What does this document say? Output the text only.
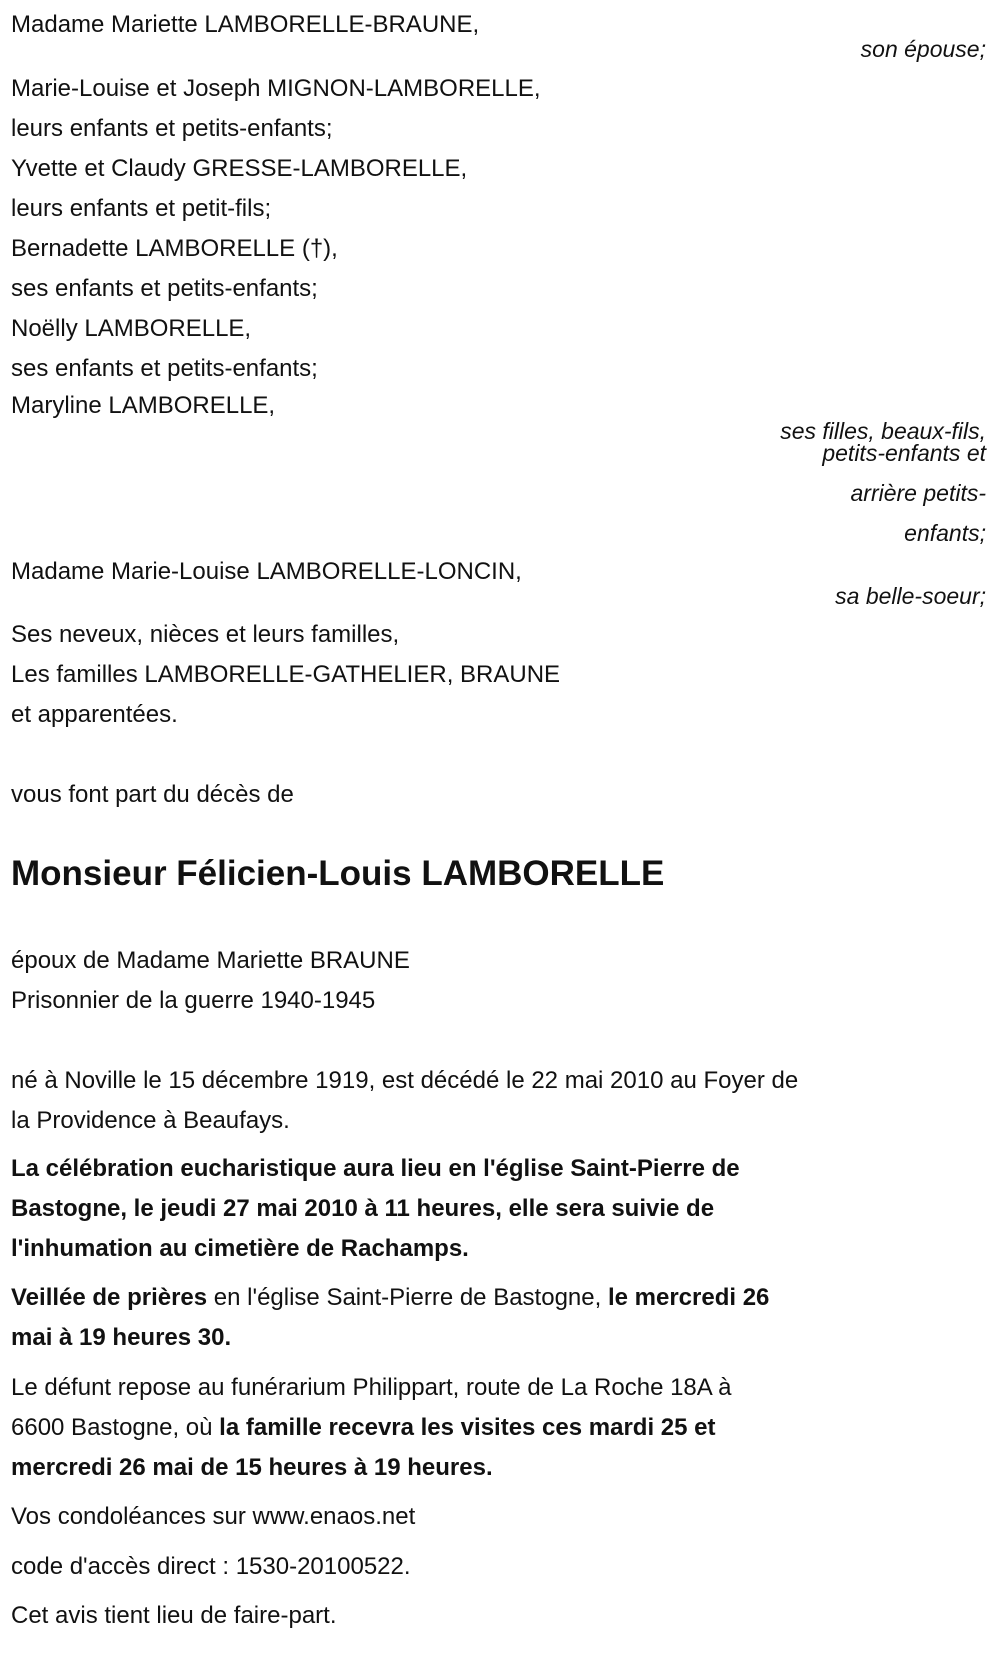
Madame Mariette LAMBORELLE-BRAUNE,
son épouse;
Marie-Louise et Joseph MIGNON-LAMBORELLE,
leurs enfants et petits-enfants;
Yvette et Claudy GRESSE-LAMBORELLE,
leurs enfants et petit-fils;
Bernadette LAMBORELLE (†),
ses enfants et petits-enfants;
Noëlly LAMBORELLE,
ses enfants et petits-enfants;
Maryline LAMBORELLE,
ses filles, beaux-fils,
petits-enfants et
arrière petits-
enfants;
Madame Marie-Louise LAMBORELLE-LONCIN,
sa belle-soeur;
Ses neveux, nièces et leurs familles,
Les familles LAMBORELLE-GATHELIER, BRAUNE
et apparentées.
vous font part du décès de
Monsieur Félicien-Louis LAMBORELLE
époux de Madame Mariette BRAUNE
Prisonnier de la guerre 1940-1945
né à Noville le 15 décembre 1919, est décédé le 22 mai 2010 au Foyer de
la Providence à Beaufays.
La célébration eucharistique aura lieu en l'église Saint-Pierre de
Bastogne, le jeudi 27 mai 2010 à 11 heures, elle sera suivie de
l'inhumation au cimetière de Rachamps.
Veillée de prières en l'église Saint-Pierre de Bastogne, le mercredi 26
mai à 19 heures 30.
Le défunt repose au funérarium Philippart, route de La Roche 18A à
6600 Bastogne, où la famille recevra les visites ces mardi 25 et
mercredi 26 mai de 15 heures à 19 heures.
Vos condoléances sur www.enaos.net
code d'accès direct : 1530-20100522.
Cet avis tient lieu de faire-part.
